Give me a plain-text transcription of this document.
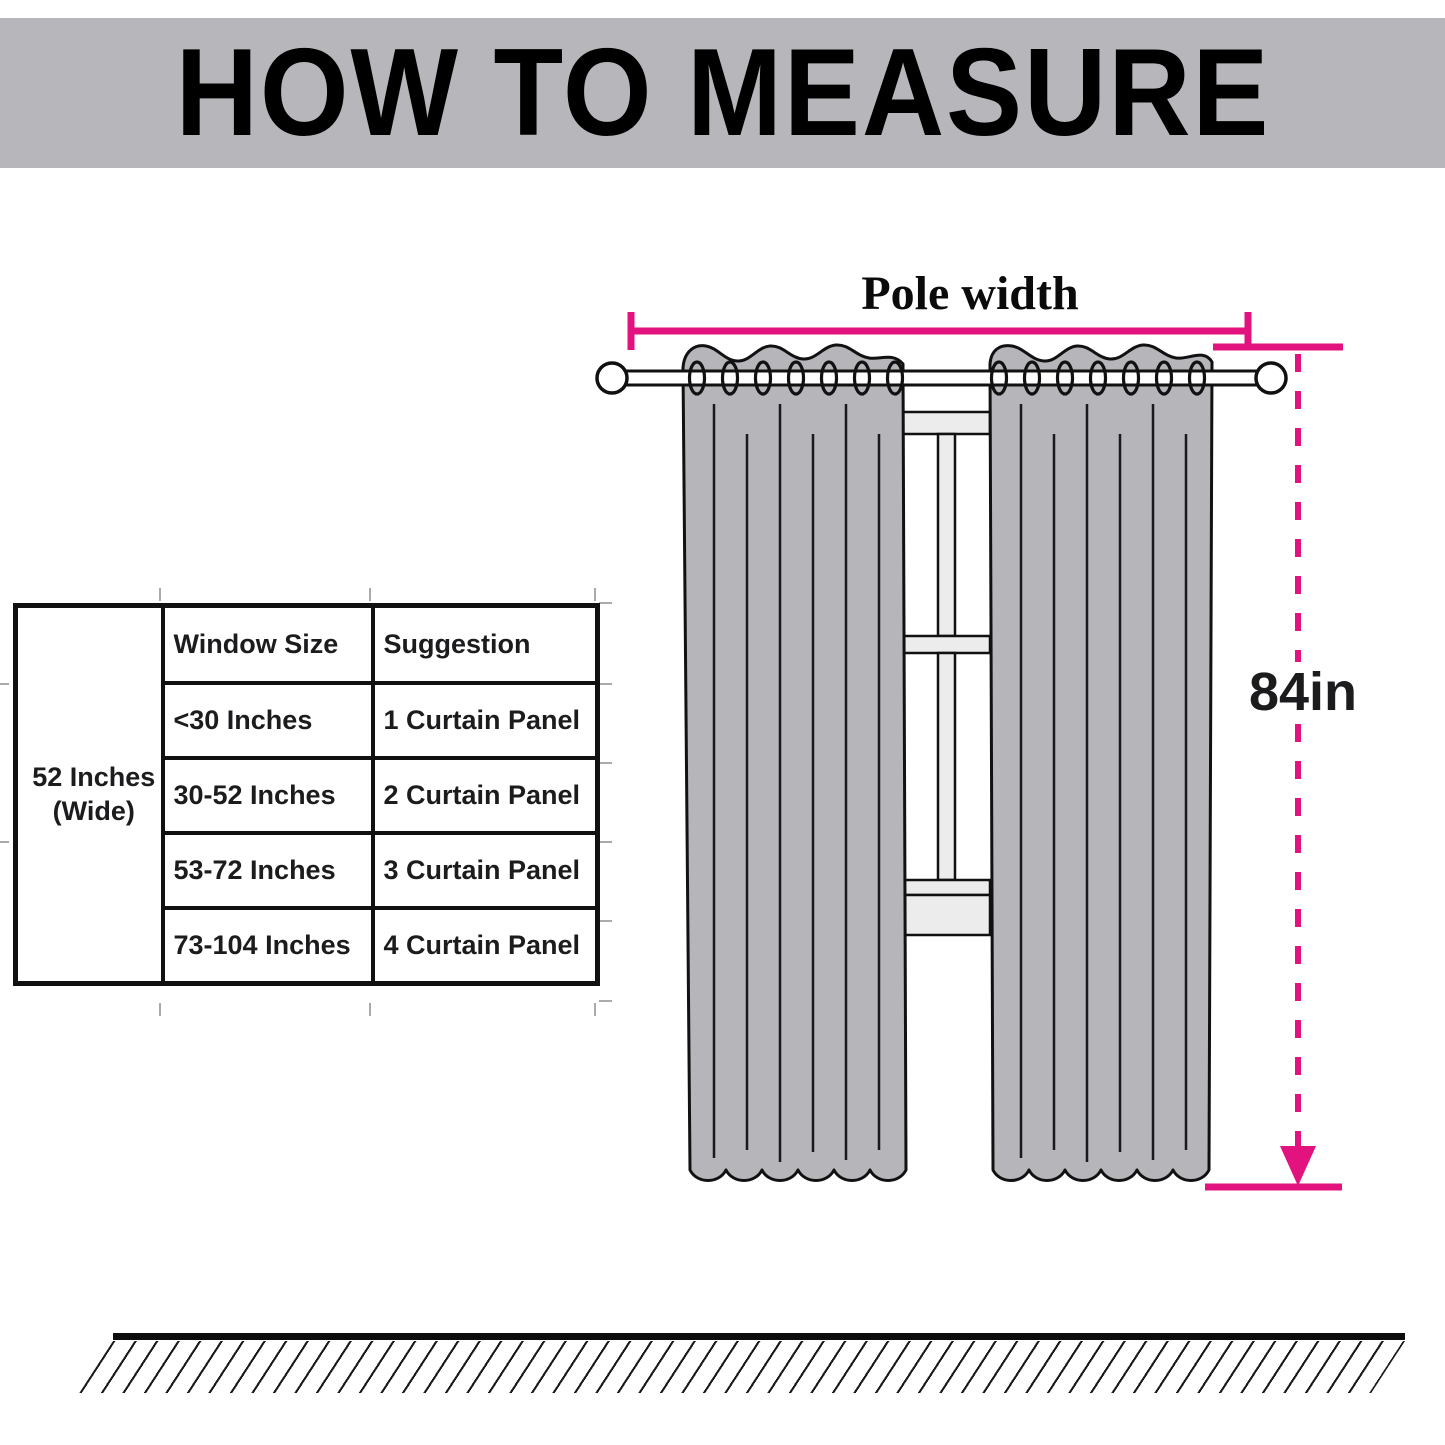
HOW TO MEASURE
52 Inches
(Wide)	Window Size	Suggestion
	<30 Inches	1 Curtain Panel
	30-52 Inches	2 Curtain Panel
	53-72 Inches	3 Curtain Panel
	73-104 Inches	4 Curtain Panel
Pole width
84in
